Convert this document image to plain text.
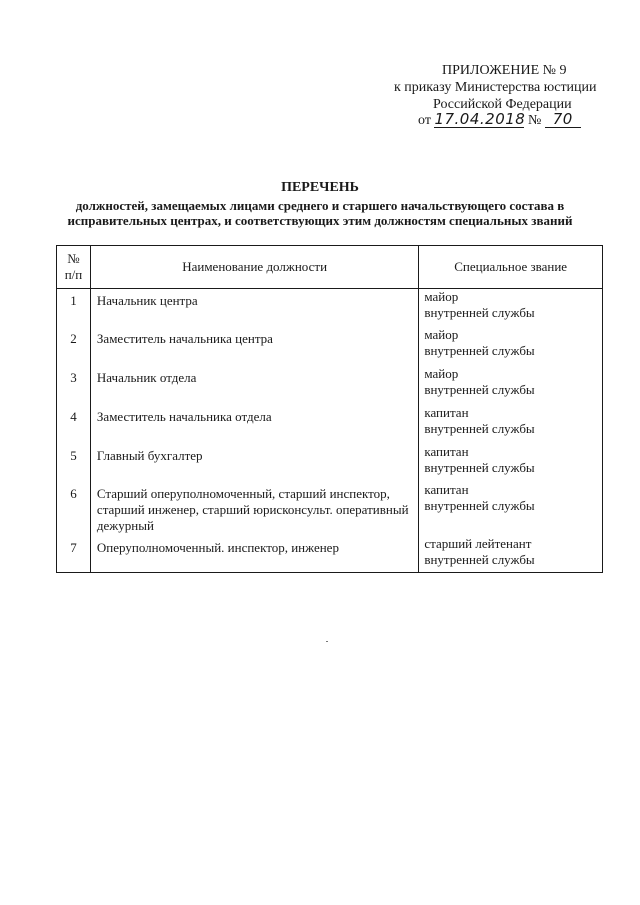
ПРИЛОЖЕНИЕ № 9
к приказу Министерства юстиции
Российской Федерации
от 17.04.2018 № 70
ПЕРЕЧЕНЬ
должностей, замещаемых лицами среднего и старшего начальствующего состава в
исправительных центрах, и соответствующих этим должностям специальных званий
№
п/п	Наименование должности	Специальное звание
1	Начальник центра	майор
внутренней службы

2	Заместитель начальника центра	майор
внутренней службы

3	Начальник отдела	майор
внутренней службы

4	Заместитель начальника отдела	капитан
внутренней службы

5	Главный бухгалтер	капитан
внутренней службы

6	Старший оперуполномоченный, старший инспектор, старший инженер, старший юрисконсульт. оперативный дежурный	капитан
внутренней службы

7	Оперуполномоченный. инспектор, инженер	старший лейтенант
внутренней службы
